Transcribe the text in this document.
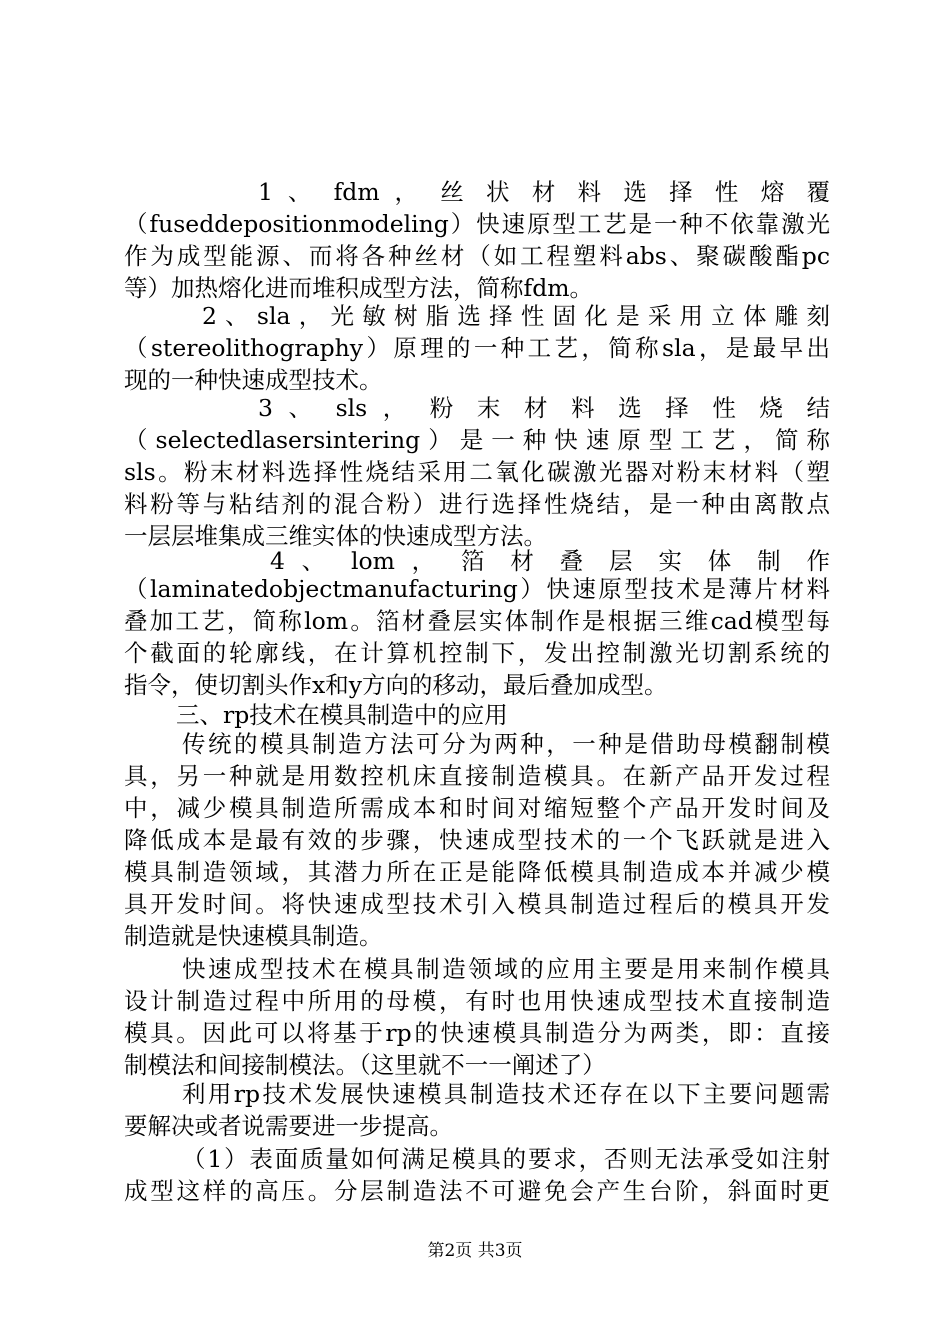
1 、 fdm ， 丝 状 材 料 选 择 性 熔 覆
（fuseddepositionmodeling）快速原型工艺是一种不依靠激光
作为成型能源、而将各种丝材（如工程塑料abs、聚碳酸酯pc
等）加热熔化进而堆积成型方法，简称fdm。
2、sla，光敏树脂选择性固化是采用立体雕刻
（stereolithography）原理的一种工艺，简称sla，是最早出
现的一种快速成型技术。
3 、 sls ， 粉 末 材 料 选 择 性 烧 结
（selectedlasersintering）是一种快速原型工艺，简称
sls。粉末材料选择性烧结采用二氧化碳激光器对粉末材料（塑
料粉等与粘结剂的混合粉）进行选择性烧结，是一种由离散点
一层层堆集成三维实体的快速成型方法。
4 、 lom ， 箔 材 叠 层 实 体 制 作
（laminatedobjectmanufacturing）快速原型技术是薄片材料
叠加工艺，简称lom。箔材叠层实体制作是根据三维cad模型每
个截面的轮廓线，在计算机控制下，发出控制激光切割系统的
指令，使切割头作x和y方向的移动，最后叠加成型。
三、rp技术在模具制造中的应用
传统的模具制造方法可分为两种，一种是借助母模翻制模
具，另一种就是用数控机床直接制造模具。在新产品开发过程
中，减少模具制造所需成本和时间对缩短整个产品开发时间及
降低成本是最有效的步骤，快速成型技术的一个飞跃就是进入
模具制造领域，其潜力所在正是能降低模具制造成本并减少模
具开发时间。将快速成型技术引入模具制造过程后的模具开发
制造就是快速模具制造。
快速成型技术在模具制造领域的应用主要是用来制作模具
设计制造过程中所用的母模，有时也用快速成型技术直接制造
模具。因此可以将基于rp的快速模具制造分为两类，即：直接
制模法和间接制模法。（这里就不一一阐述了）
利用rp技术发展快速模具制造技术还存在以下主要问题需
要解决或者说需要进一步提高。
（1）表面质量如何满足模具的要求，否则无法承受如注射
成型这样的高压。分层制造法不可避免会产生台阶，斜面时更
第2页 共3页
